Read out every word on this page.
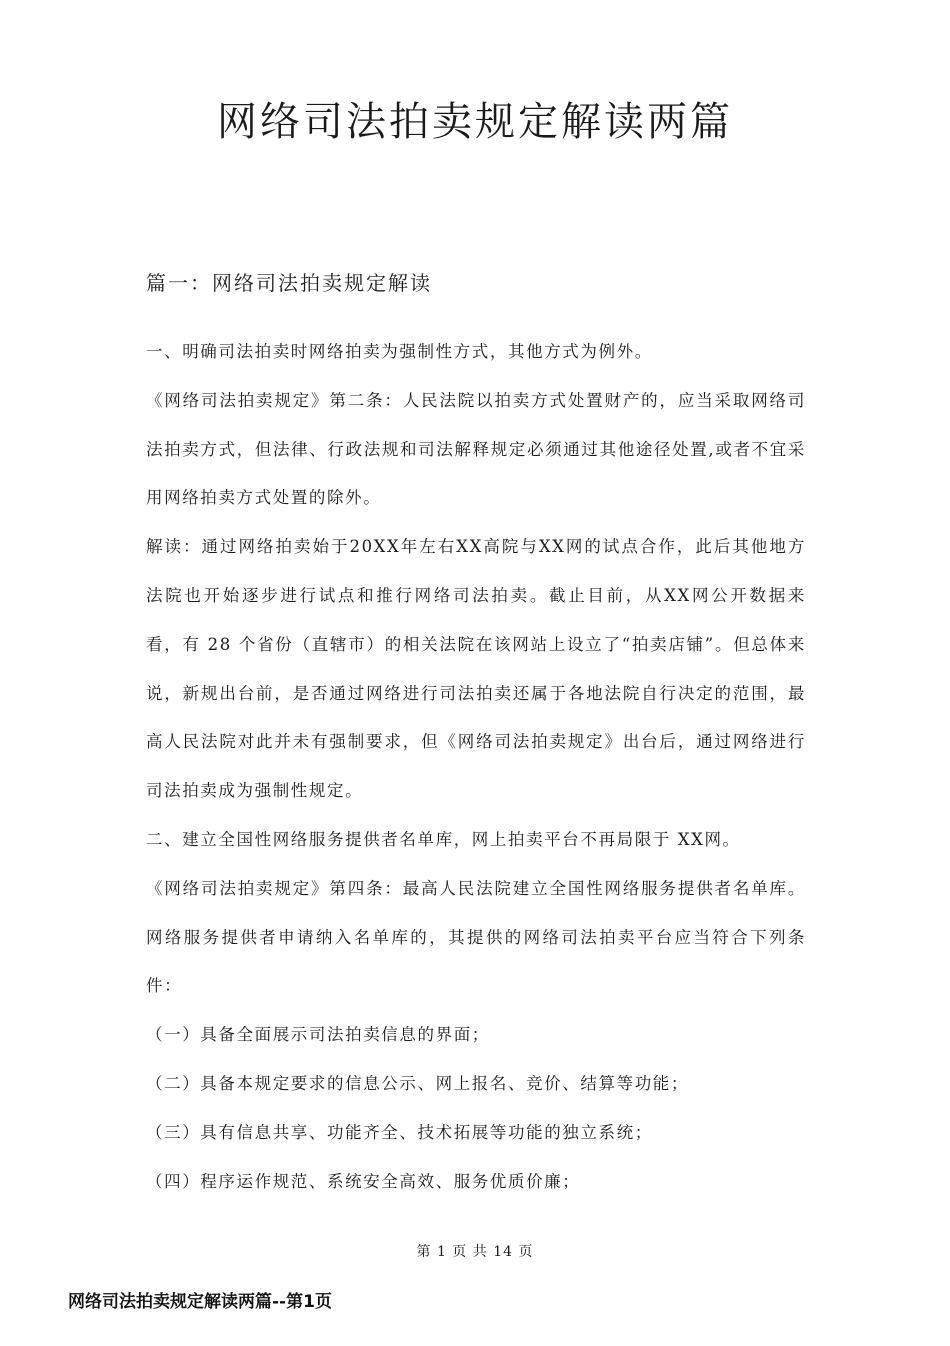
网络司法拍卖规定解读两篇
篇一：网络司法拍卖规定解读

一、明确司法拍卖时网络拍卖为强制性方式，其他方式为例外。

《网络司法拍卖规定》第二条：人民法院以拍卖方式处置财产的，应当采取网络司法拍卖方式，但法律、行政法规和司法解释规定必须通过其他途径处置,或者不宜采用网络拍卖方式处置的除外。

解读：通过网络拍卖始于20XX年左右XX高院与XX网的试点合作，此后其他地方法院也开始逐步进行试点和推行网络司法拍卖。截止目前，从XX网公开数据来看，有 28 个省份（直辖市）的相关法院在该网站上设立了“拍卖店铺”。但总体来说，新规出台前，是否通过网络进行司法拍卖还属于各地法院自行决定的范围，最高人民法院对此并未有强制要求，但《网络司法拍卖规定》出台后，通过网络进行司法拍卖成为强制性规定。

二、建立全国性网络服务提供者名单库，网上拍卖平台不再局限于 XX网。

《网络司法拍卖规定》第四条：最高人民法院建立全国性网络服务提供者名单库。网络服务提供者申请纳入名单库的，其提供的网络司法拍卖平台应当符合下列条件：

（一）具备全面展示司法拍卖信息的界面；

（二）具备本规定要求的信息公示、网上报名、竞价、结算等功能；

（三）具有信息共享、功能齐全、技术拓展等功能的独立系统；

（四）程序运作规范、系统安全高效、服务优质价廉；

第 1 页 共 14 页
网络司法拍卖规定解读两篇--第1页
